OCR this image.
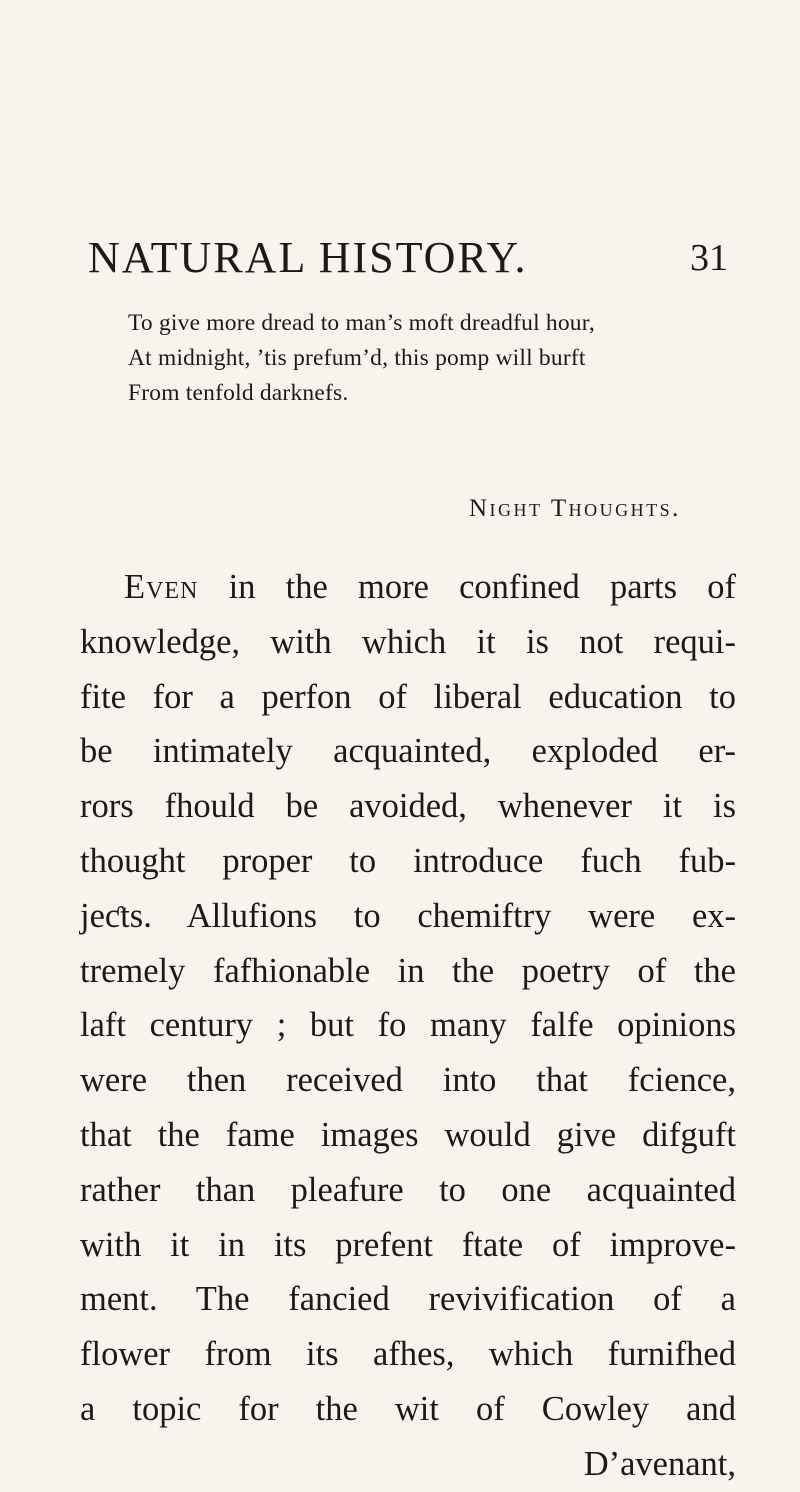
NATURAL HISTORY.	31
To give more dread to man’s moft dreadful hour,
At midnight, ’tis prefum’d, this pomp will burft
From tenfold darknefs.
Night Thoughts.
Even in the more confined parts of
knowledge, with which it is not requi-
fite for a perfon of liberal education to
be intimately acquainted, exploded er-
rors fhould be avoided, whenever it is
thought proper to introduce fuch fub-
jeƈts. Allufions to chemiftry were ex-
tremely fafhionable in the poetry of the
laft century ; but fo many falfe opinions
were then received into that fcience,
that the fame images would give difguft
rather than pleafure to one acquainted
with it in its prefent ftate of improve-
ment. The fancied revivification of a
flower from its afhes, which furnifhed
a topic for the wit of Cowley and
D’avenant,
